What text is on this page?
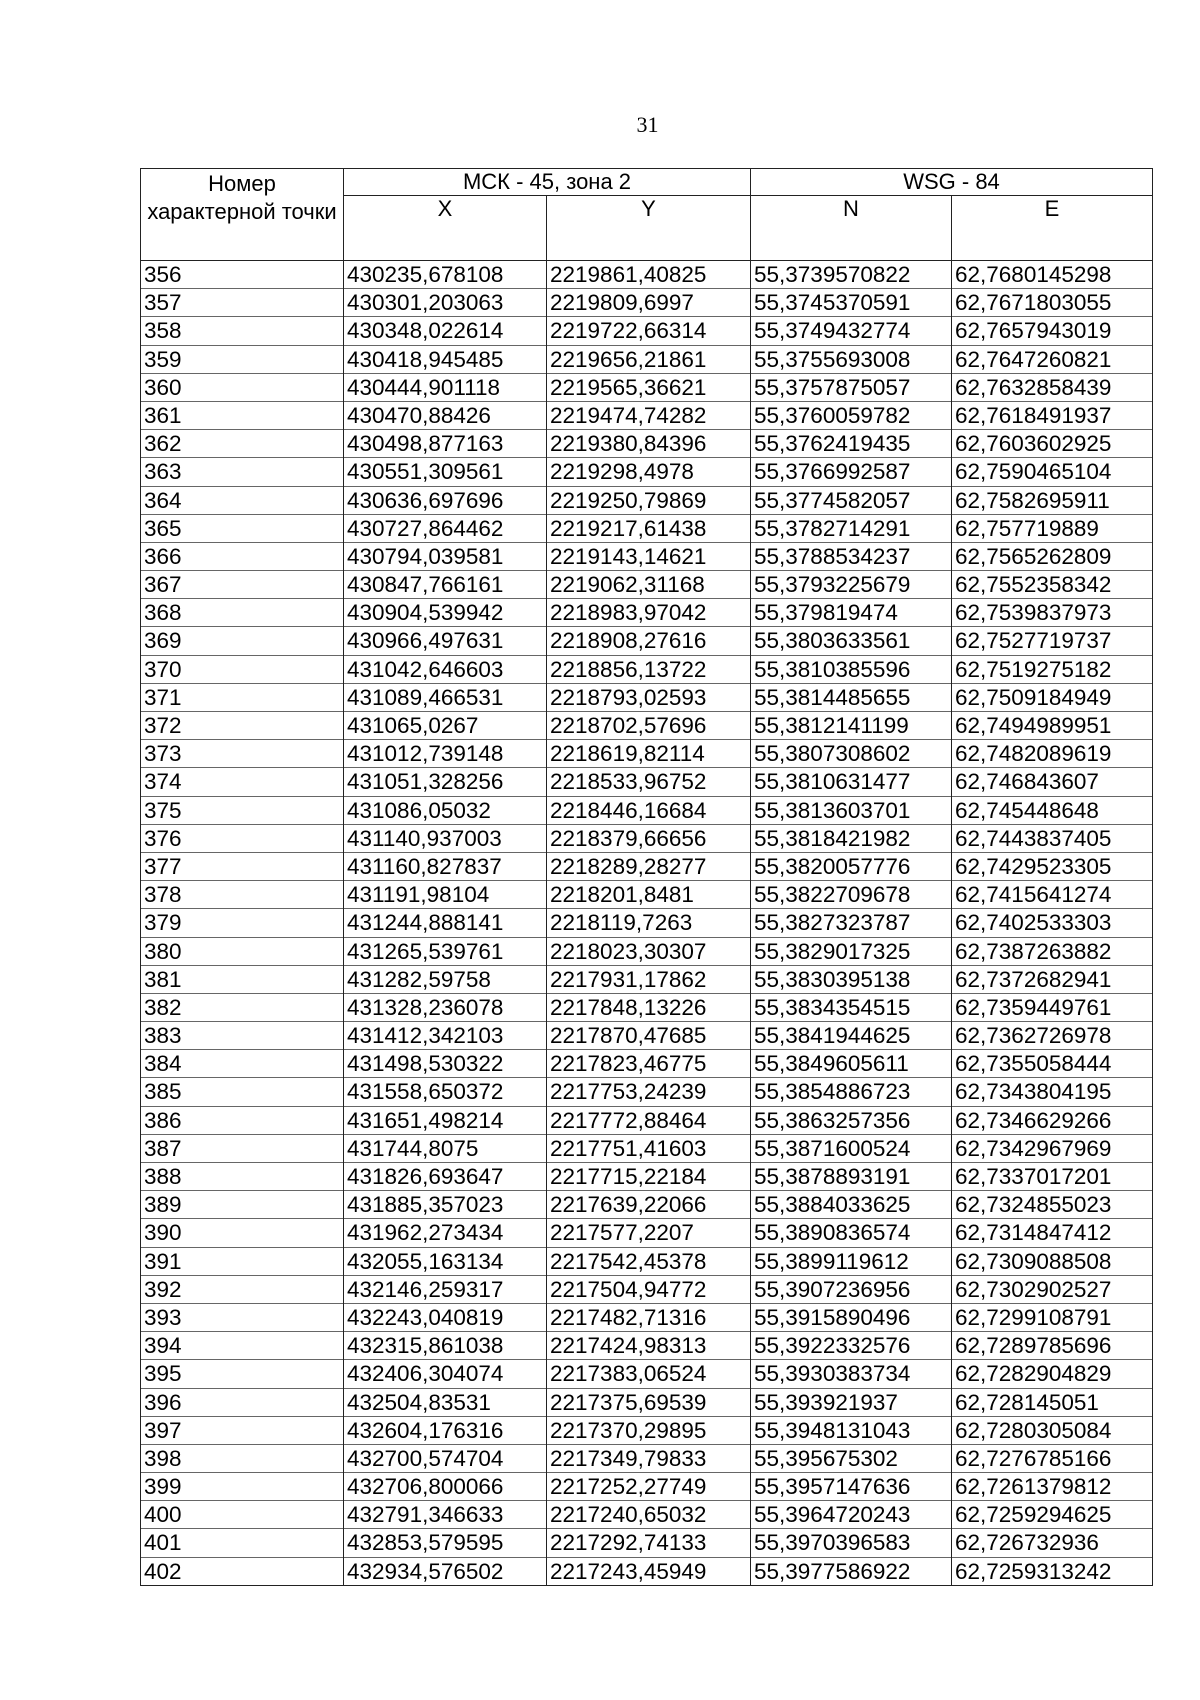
31
Номер характерной точки	МСК - 45, зона 2		WSG - 84	
	X	Y	N	E
356	430235,678108	2219861,40825	55,3739570822	62,7680145298
357	430301,203063	2219809,6997	55,3745370591	62,7671803055
358	430348,022614	2219722,66314	55,3749432774	62,7657943019
359	430418,945485	2219656,21861	55,3755693008	62,7647260821
360	430444,901118	2219565,36621	55,3757875057	62,7632858439
361	430470,88426	2219474,74282	55,3760059782	62,7618491937
362	430498,877163	2219380,84396	55,3762419435	62,7603602925
363	430551,309561	2219298,4978	55,3766992587	62,7590465104
364	430636,697696	2219250,79869	55,3774582057	62,7582695911
365	430727,864462	2219217,61438	55,3782714291	62,757719889
366	430794,039581	2219143,14621	55,3788534237	62,7565262809
367	430847,766161	2219062,31168	55,3793225679	62,7552358342
368	430904,539942	2218983,97042	55,379819474	62,7539837973
369	430966,497631	2218908,27616	55,3803633561	62,7527719737
370	431042,646603	2218856,13722	55,3810385596	62,7519275182
371	431089,466531	2218793,02593	55,3814485655	62,7509184949
372	431065,0267	2218702,57696	55,3812141199	62,7494989951
373	431012,739148	2218619,82114	55,3807308602	62,7482089619
374	431051,328256	2218533,96752	55,3810631477	62,746843607
375	431086,05032	2218446,16684	55,3813603701	62,745448648
376	431140,937003	2218379,66656	55,3818421982	62,7443837405
377	431160,827837	2218289,28277	55,3820057776	62,7429523305
378	431191,98104	2218201,8481	55,3822709678	62,7415641274
379	431244,888141	2218119,7263	55,3827323787	62,7402533303
380	431265,539761	2218023,30307	55,3829017325	62,7387263882
381	431282,59758	2217931,17862	55,3830395138	62,7372682941
382	431328,236078	2217848,13226	55,3834354515	62,7359449761
383	431412,342103	2217870,47685	55,3841944625	62,7362726978
384	431498,530322	2217823,46775	55,3849605611	62,7355058444
385	431558,650372	2217753,24239	55,3854886723	62,7343804195
386	431651,498214	2217772,88464	55,3863257356	62,7346629266
387	431744,8075	2217751,41603	55,3871600524	62,7342967969
388	431826,693647	2217715,22184	55,3878893191	62,7337017201
389	431885,357023	2217639,22066	55,3884033625	62,7324855023
390	431962,273434	2217577,2207	55,3890836574	62,7314847412
391	432055,163134	2217542,45378	55,3899119612	62,7309088508
392	432146,259317	2217504,94772	55,3907236956	62,7302902527
393	432243,040819	2217482,71316	55,3915890496	62,7299108791
394	432315,861038	2217424,98313	55,3922332576	62,7289785696
395	432406,304074	2217383,06524	55,3930383734	62,7282904829
396	432504,83531	2217375,69539	55,393921937	62,728145051
397	432604,176316	2217370,29895	55,3948131043	62,7280305084
398	432700,574704	2217349,79833	55,395675302	62,7276785166
399	432706,800066	2217252,27749	55,3957147636	62,7261379812
400	432791,346633	2217240,65032	55,3964720243	62,7259294625
401	432853,579595	2217292,74133	55,3970396583	62,726732936
402	432934,576502	2217243,45949	55,3977586922	62,7259313242
